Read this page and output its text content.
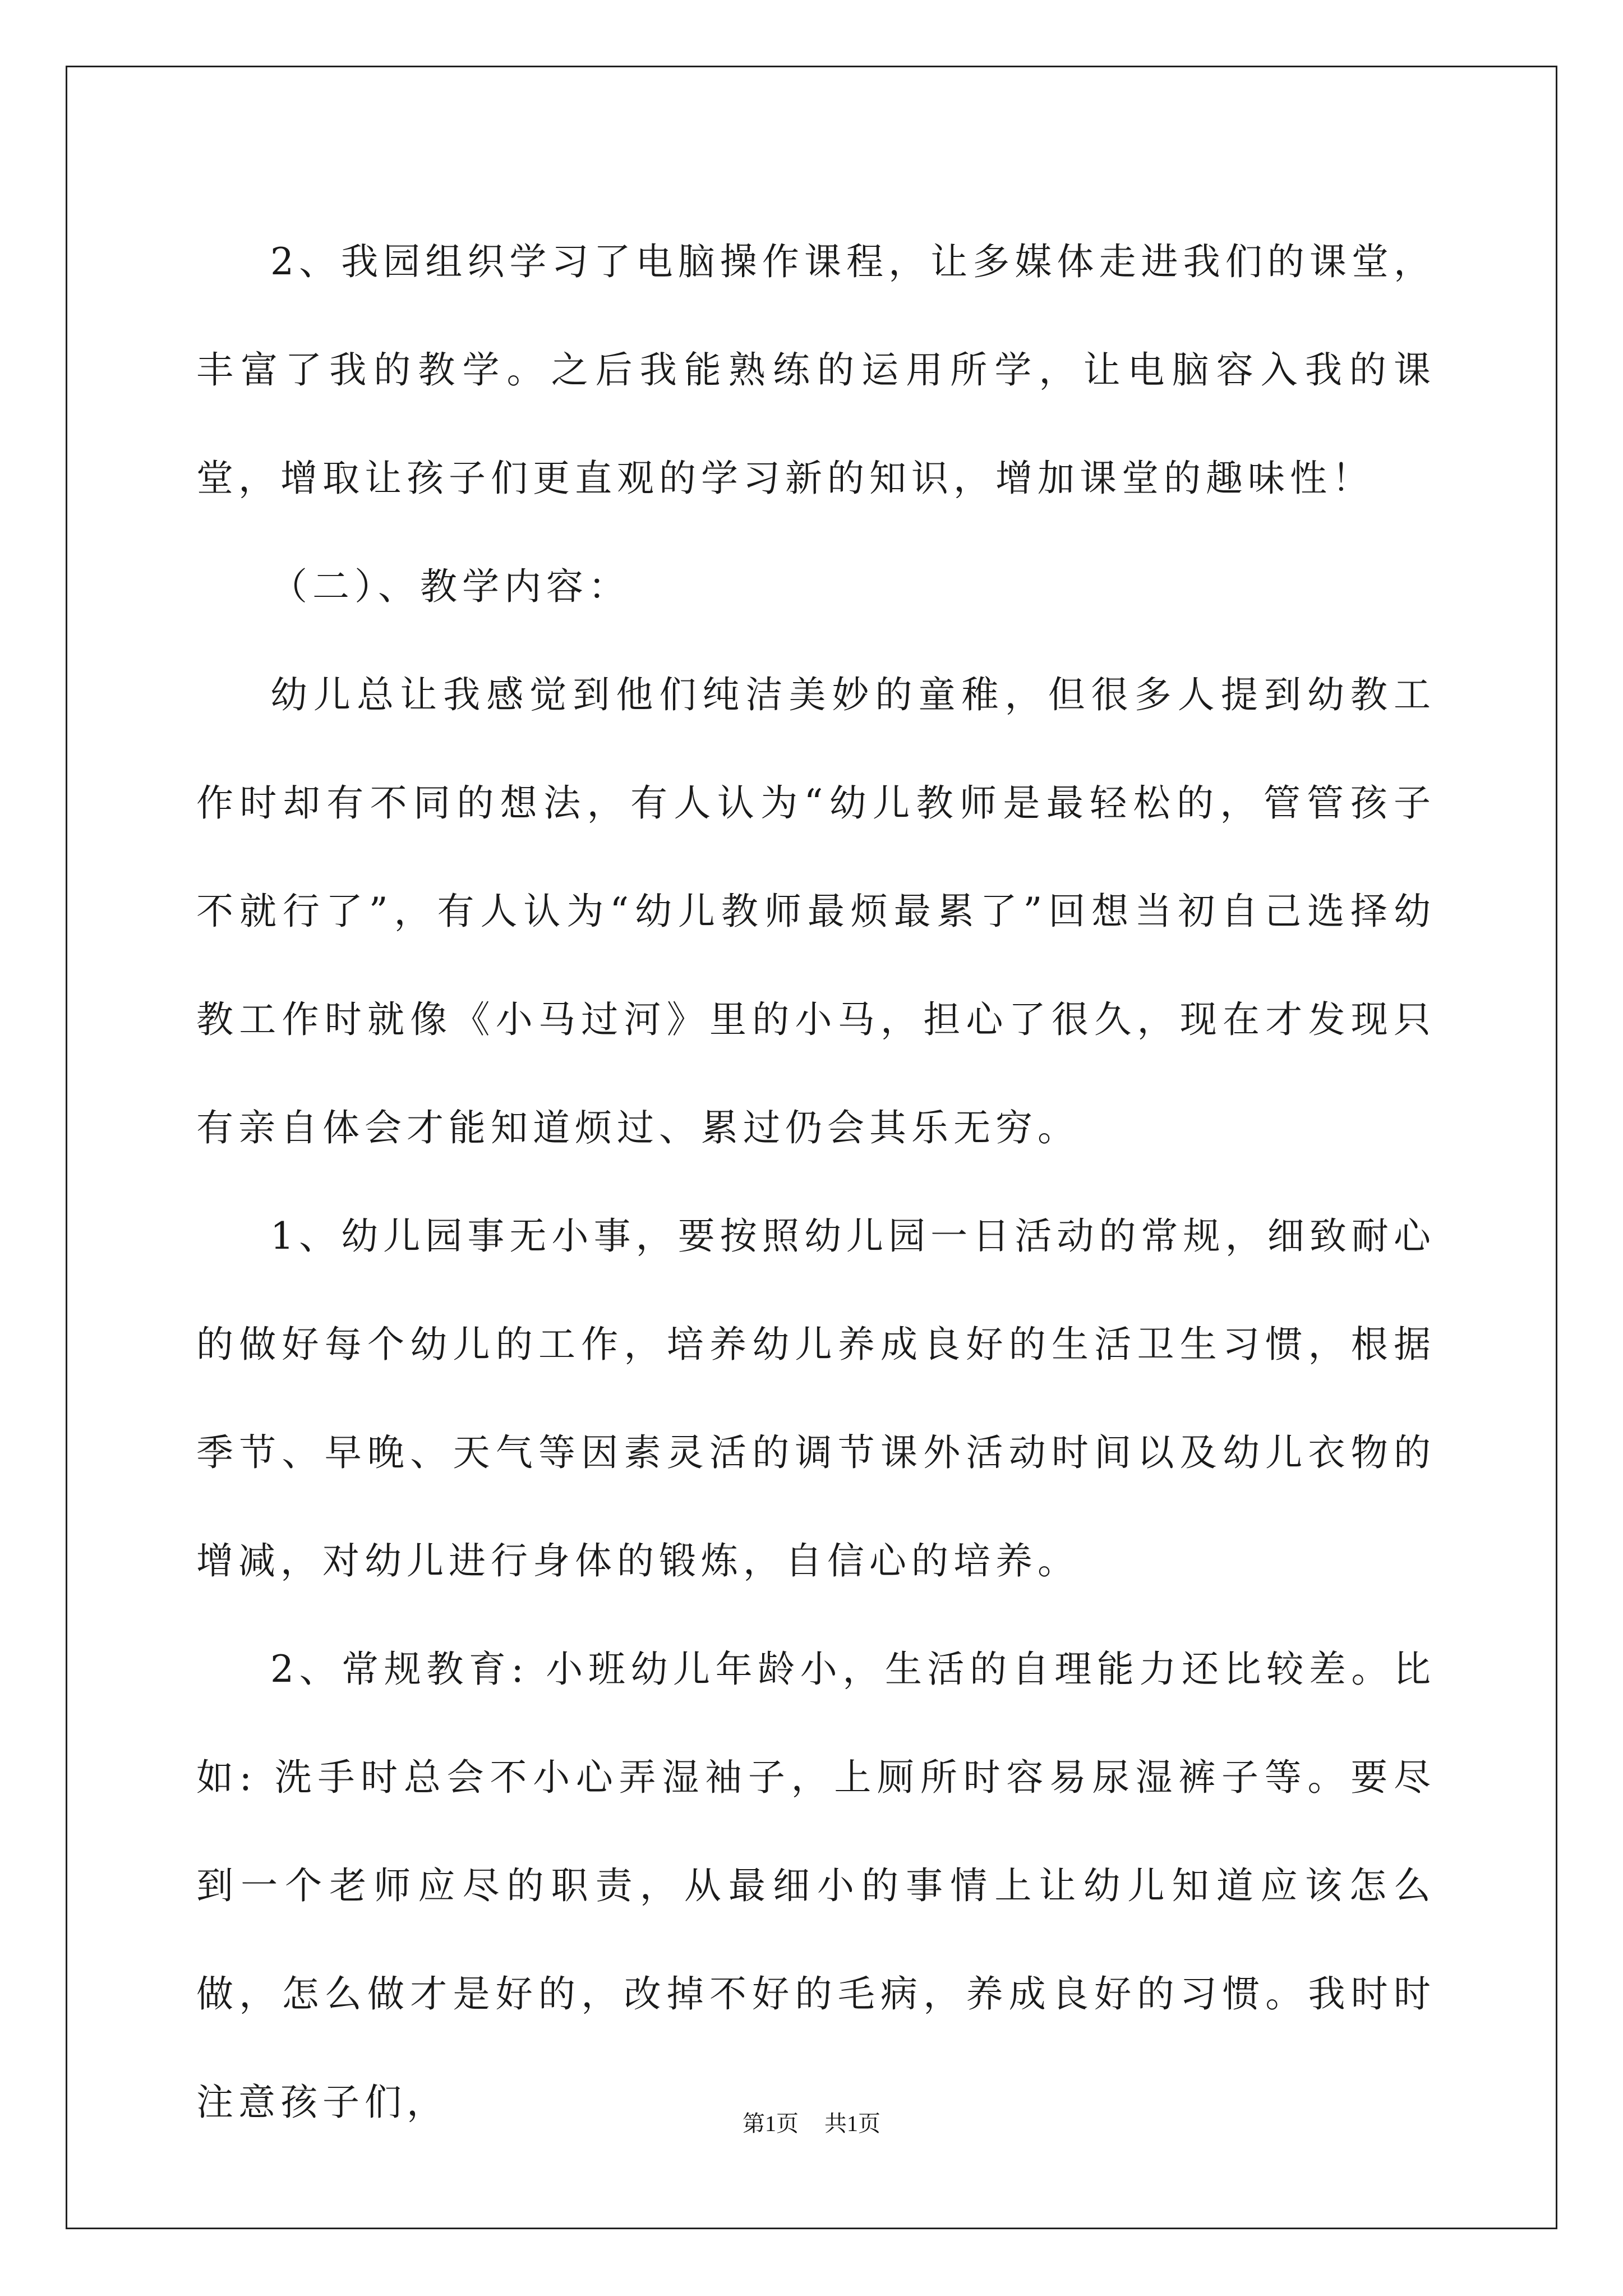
2、我园组织学习了电脑操作课程，让多媒体走进我们的课堂，丰富了我的教学。之后我能熟练的运用所学，让电脑容入我的课堂，增取让孩子们更直观的学习新的知识，增加课堂的趣味性！

（二）、教学内容：

幼儿总让我感觉到他们纯洁美妙的童稚，但很多人提到幼教工作时却有不同的想法，有人认为“幼儿教师是最轻松的，管管孩子不就行了”，有人认为“幼儿教师最烦最累了”回想当初自己选择幼教工作时就像《小马过河》里的小马，担心了很久，现在才发现只有亲自体会才能知道烦过、累过仍会其乐无穷。

1、幼儿园事无小事，要按照幼儿园一日活动的常规，细致耐心的做好每个幼儿的工作，培养幼儿养成良好的生活卫生习惯，根据季节、早晚、天气等因素灵活的调节课外活动时间以及幼儿衣物的增减，对幼儿进行身体的锻炼，自信心的培养。

2、常规教育: 小班幼儿年龄小，生活的自理能力还比较差。比如: 洗手时总会不小心弄湿袖子，上厕所时容易尿湿裤子等。要尽到一个老师应尽的职责，从最细小的事情上让幼儿知道应该怎么做，怎么做才是好的，改掉不好的毛病，养成良好的习惯。我时时注意孩子们，	第1页 共1页
